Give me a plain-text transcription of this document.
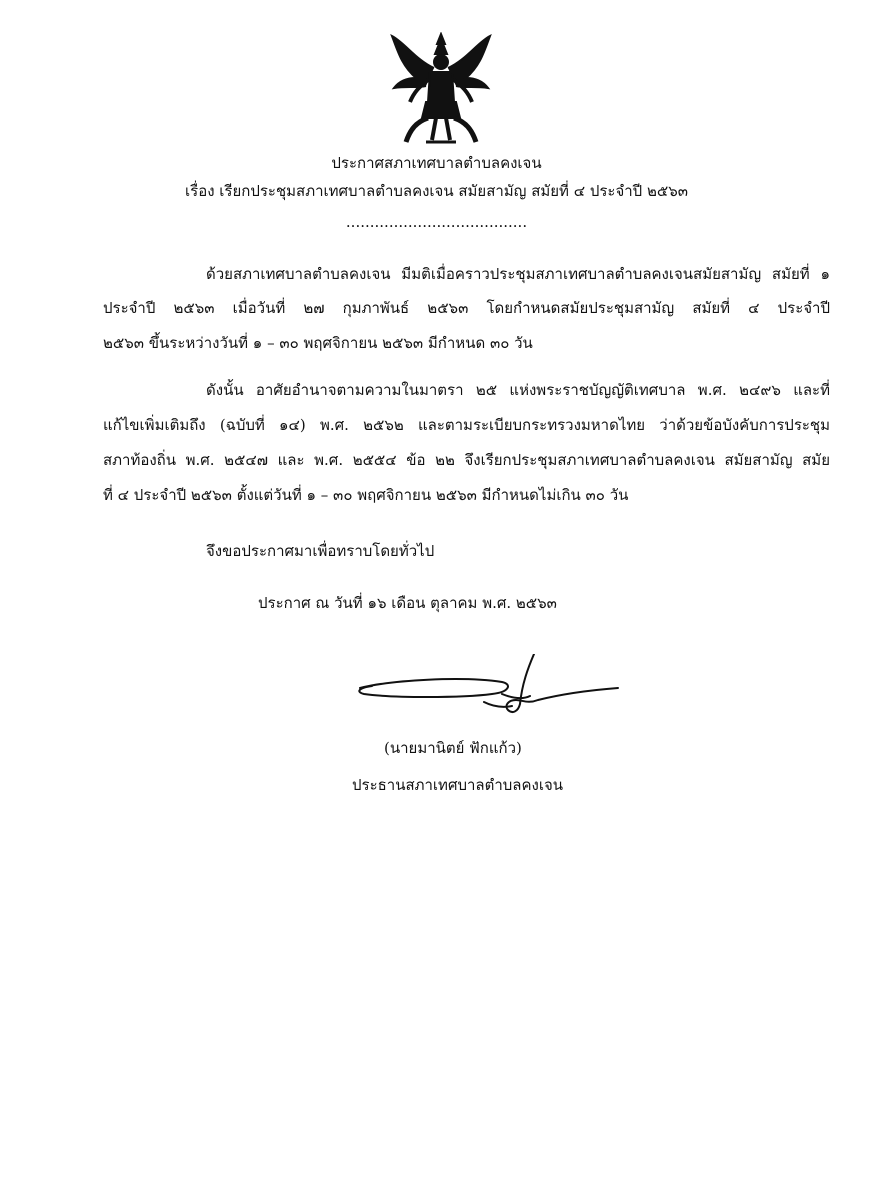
ประกาศสภาเทศบาลตำบลคงเจน
เรื่อง เรียกประชุมสภาเทศบาลตำบลคงเจน สมัยสามัญ สมัยที่ ๔ ประจำปี ๒๕๖๓
......................................
ด้วยสภาเทศบาลตำบลคงเจน มีมติเมื่อคราวประชุมสภาเทศบาลตำบลคงเจนสมัยสามัญ สมัยที่ ๑
ประจำปี ๒๕๖๓ เมื่อวันที่ ๒๗ กุมภาพันธ์ ๒๕๖๓ โดยกำหนดสมัยประชุมสามัญ สมัยที่ ๔ ประจำปี
๒๕๖๓ ขึ้นระหว่างวันที่ ๑ – ๓๐ พฤศจิกายน ๒๕๖๓ มีกำหนด ๓๐ วัน
ดังนั้น อาศัยอำนาจตามความในมาตรา ๒๕ แห่งพระราชบัญญัติเทศบาล พ.ศ. ๒๔๙๖ และที่
แก้ไขเพิ่มเติมถึง (ฉบับที่ ๑๔) พ.ศ. ๒๕๖๒ และตามระเบียบกระทรวงมหาดไทย ว่าด้วยข้อบังคับการประชุม
สภาท้องถิ่น พ.ศ. ๒๕๔๗ และ พ.ศ. ๒๕๕๔ ข้อ ๒๒ จึงเรียกประชุมสภาเทศบาลตำบลคงเจน สมัยสามัญ สมัย
ที่ ๔ ประจำปี ๒๕๖๓ ตั้งแต่วันที่ ๑ – ๓๐ พฤศจิกายน ๒๕๖๓ มีกำหนดไม่เกิน ๓๐ วัน
จึงขอประกาศมาเพื่อทราบโดยทั่วไป
ประกาศ ณ วันที่ ๑๖ เดือน ตุลาคม พ.ศ. ๒๕๖๓
(นายมานิตย์ ฟักแก้ว)
ประธานสภาเทศบาลตำบลคงเจน
